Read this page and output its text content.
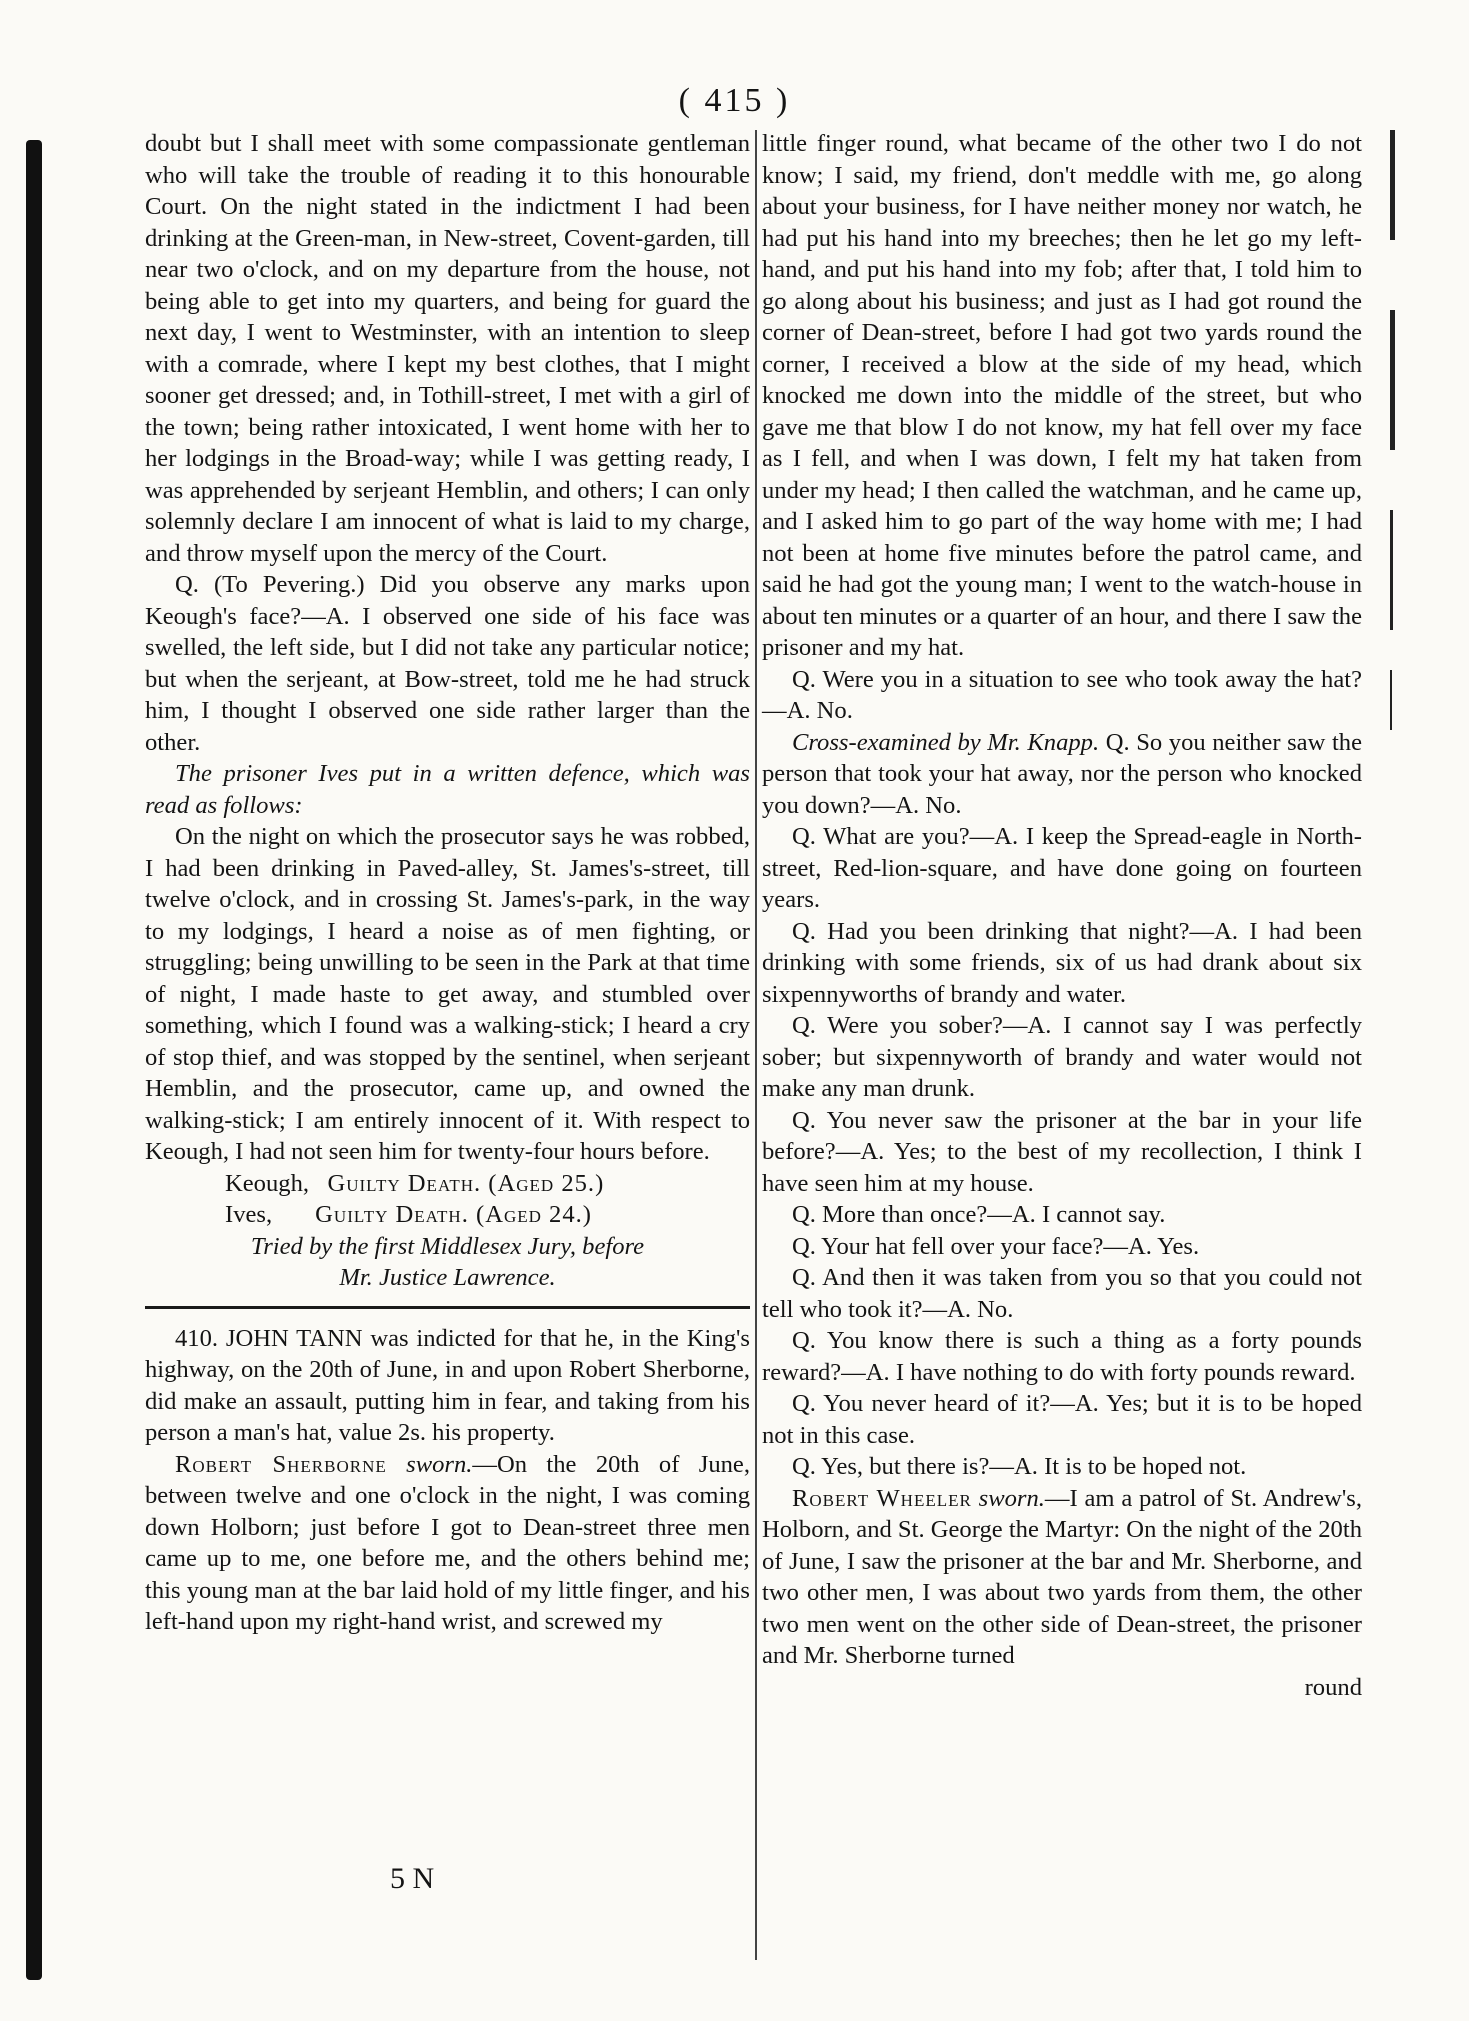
( 415 )

doubt but I shall meet with some compassionate gentleman who will take the trouble of reading it to this honourable Court. On the night stated in the indictment I had been drinking at the Green-man, in New-street, Covent-garden, till near two o'clock, and on my departure from the house, not being able to get into my quarters, and being for guard the next day, I went to Westminster, with an intention to sleep with a comrade, where I kept my best clothes, that I might sooner get dressed; and, in Tothill-street, I met with a girl of the town; being rather intoxicated, I went home with her to her lodgings in the Broad-way; while I was getting ready, I was apprehended by serjeant Hemblin, and others; I can only solemnly declare I am innocent of what is laid to my charge, and throw myself upon the mercy of the Court.

Q. (To Pevering.) Did you observe any marks upon Keough's face?—A. I observed one side of his face was swelled, the left side, but I did not take any particular notice; but when the serjeant, at Bow-street, told me he had struck him, I thought I observed one side rather larger than the other.

The prisoner Ives put in a written defence, which was read as follows:

On the night on which the prosecutor says he was robbed, I had been drinking in Paved-alley, St. James's-street, till twelve o'clock, and in crossing St. James's-park, in the way to my lodgings, I heard a noise as of men fighting, or struggling; being unwilling to be seen in the Park at that time of night, I made haste to get away, and stumbled over something, which I found was a walking-stick; I heard a cry of stop thief, and was stopped by the sentinel, when serjeant Hemblin, and the prosecutor, came up, and owned the walking-stick; I am entirely innocent of it. With respect to Keough, I had not seen him for twenty-four hours before.

Keough, Guilty Death. (Aged 25.)

Ives, Guilty Death. (Aged 24.)

Tried by the first Middlesex Jury, before

Mr. Justice Lawrence.

410. JOHN TANN was indicted for that he, in the King's highway, on the 20th of June, in and upon Robert Sherborne, did make an assault, putting him in fear, and taking from his person a man's hat, value 2s. his property.

Robert Sherborne sworn.—On the 20th of June, between twelve and one o'clock in the night, I was coming down Holborn; just before I got to Dean-street three men came up to me, one before me, and the others behind me; this young man at the bar laid hold of my little finger, and his left-hand upon my right-hand wrist, and screwed my

little finger round, what became of the other two I do not know; I said, my friend, don't meddle with me, go along about your business, for I have neither money nor watch, he had put his hand into my breeches; then he let go my left-hand, and put his hand into my fob; after that, I told him to go along about his business; and just as I had got round the corner of Dean-street, before I had got two yards round the corner, I received a blow at the side of my head, which knocked me down into the middle of the street, but who gave me that blow I do not know, my hat fell over my face as I fell, and when I was down, I felt my hat taken from under my head; I then called the watchman, and he came up, and I asked him to go part of the way home with me; I had not been at home five minutes before the patrol came, and said he had got the young man; I went to the watch-house in about ten minutes or a quarter of an hour, and there I saw the prisoner and my hat.

Q. Were you in a situation to see who took away the hat?—A. No.

Cross-examined by Mr. Knapp. Q. So you neither saw the person that took your hat away, nor the person who knocked you down?—A. No.

Q. What are you?—A. I keep the Spread-eagle in North-street, Red-lion-square, and have done going on fourteen years.

Q. Had you been drinking that night?—A. I had been drinking with some friends, six of us had drank about six sixpennyworths of brandy and water.

Q. Were you sober?—A. I cannot say I was perfectly sober; but sixpennyworth of brandy and water would not make any man drunk.

Q. You never saw the prisoner at the bar in your life before?—A. Yes; to the best of my recollection, I think I have seen him at my house.

Q. More than once?—A. I cannot say.

Q. Your hat fell over your face?—A. Yes.

Q. And then it was taken from you so that you could not tell who took it?—A. No.

Q. You know there is such a thing as a forty pounds reward?—A. I have nothing to do with forty pounds reward.

Q. You never heard of it?—A. Yes; but it is to be hoped not in this case.

Q. Yes, but there is?—A. It is to be hoped not.

Robert Wheeler sworn.—I am a patrol of St. Andrew's, Holborn, and St. George the Martyr: On the night of the 20th of June, I saw the prisoner at the bar and Mr. Sherborne, and two other men, I was about two yards from them, the other two men went on the other side of Dean-street, the prisoner and Mr. Sherborne turned

round

5 N
